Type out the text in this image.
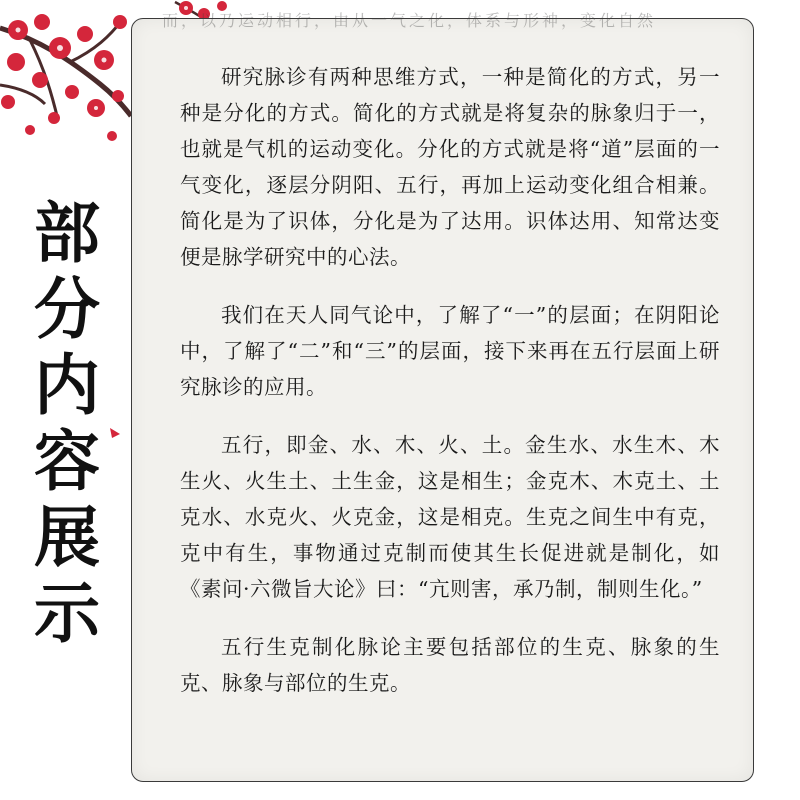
部
分
内
容
展
示
而，以乃运动相行，由从一气之化，体系与形神，变化自然

研究脉诊有两种思维方式，一种是简化的方式，另一种是分化的方式。简化的方式就是将复杂的脉象归于一，也就是气机的运动变化。分化的方式就是将“道”层面的一气变化，逐层分阴阳、五行，再加上运动变化组合相兼。简化是为了识体，分化是为了达用。识体达用、知常达变便是脉学研究中的心法。

我们在天人同气论中，了解了“一”的层面；在阴阳论中，了解了“二”和“三”的层面，接下来再在五行层面上研究脉诊的应用。

五行，即金、水、木、火、土。金生水、水生木、木生火、火生土、土生金，这是相生；金克木、木克土、土克水、水克火、火克金，这是相克。生克之间生中有克，克中有生，事物通过克制而使其生长促进就是制化，如《素问·六微旨大论》曰：“亢则害，承乃制，制则生化。”

五行生克制化脉论主要包括部位的生克、脉象的生克、脉象与部位的生克。
